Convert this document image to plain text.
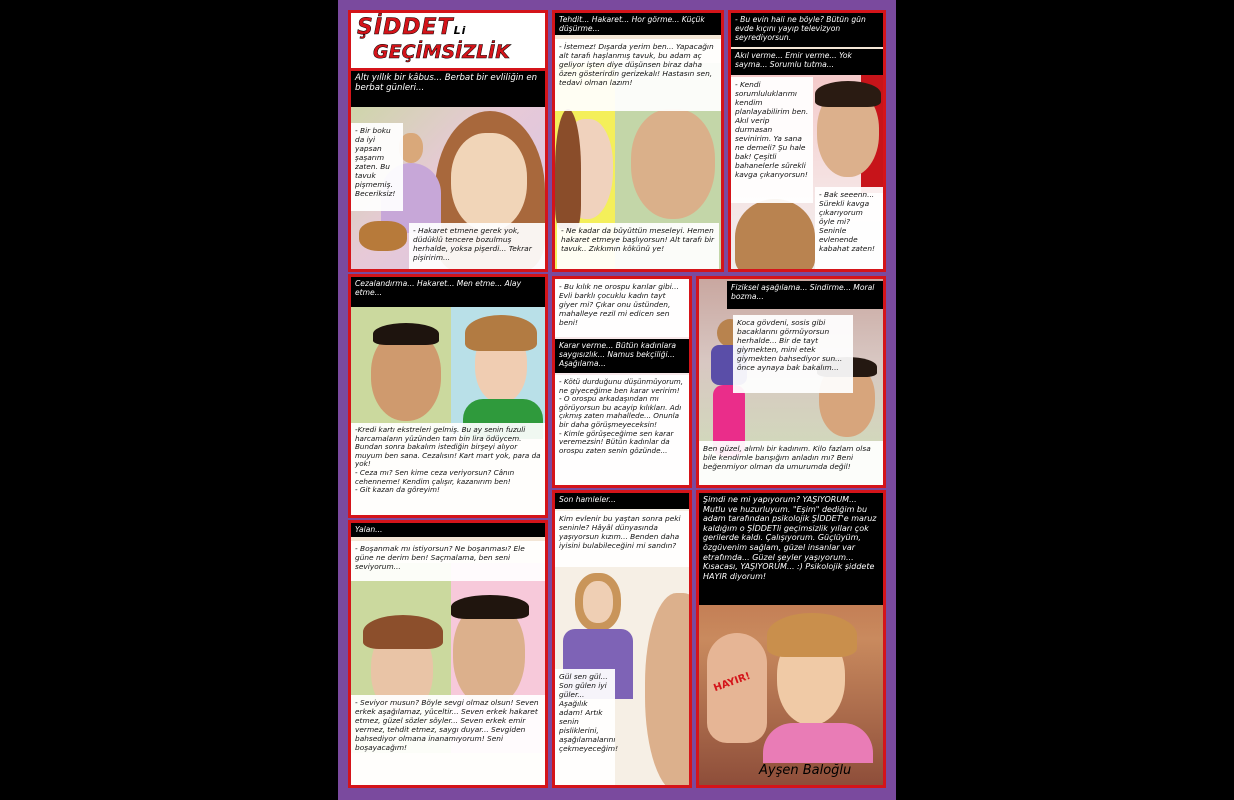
ŞİDDETLi
GEÇİMSİZLİK
Altı yıllık bir kâbus... Berbat bir evliliğin en berbat günleri...
- Bir boku da iyi yapsan şaşarım zaten. Bu tavuk pişmemiş. Beceriksiz!
- Hakaret etmene gerek yok, düdüklü tencere bozulmuş herhalde, yoksa pişerdi... Tekrar pişiririm...
Tehdit... Hakaret... Hor görme... Küçük düşürme...
- İstemez! Dışarda yerim ben... Yapacağın alt tarafı haşlanmış tavuk, bu adam aç geliyor işten diye düşünsen biraz daha özen gösterirdin gerizekalı! Hastasın sen, tedavi olman lazım!
- Ne kadar da büyüttün meseleyi. Hemen hakaret etmeye başlıyorsun! Alt tarafı bir tavuk.. Zıkkımın kökünü ye!
- Bu evin hali ne böyle? Bütün gün evde kıçını yayıp televizyon seyrediyorsun.
Akıl verme... Emir verme... Yok sayma... Sorumlu tutma...
- Kendi sorumluluklarımı kendim planlayabilirim ben. Akıl verip durmasan sevinirim. Ya sana ne demeli? Şu hale bak! Çeşitli bahanelerle sürekli kavga çıkarıyorsun!
- Bak seeenn... Sürekli kavga çıkarıyorum öyle mi? Seninle evlenende kabahat zaten!
Cezalandırma... Hakaret... Men etme... Alay etme...
-Kredi kartı ekstreleri gelmiş. Bu ay senin fuzuli harcamaların yüzünden tam bin lira ödüycem. Bundan sonra bakalım istediğin birşeyi alıyor muyum ben sana. Cezalısın! Kart mart yok, para da yok!
- Ceza mı? Sen kime ceza veriyorsun? Cânın cehenneme! Kendim çalışır, kazanırım ben!
- Git kazan da göreyim!
- Bu kılık ne orospu karılar gibi... Evli barklı çocuklu kadın tayt giyer mi? Çıkar onu üstünden, mahalleye rezil mi edicen sen beni!
Karar verme... Bütün kadınlara saygısızlık... Namus bekçiliği... Aşağılama...
- Kötü durduğunu düşünmüyorum, ne giyeceğime ben karar veririm!
- O orospu arkadaşından mı görüyorsun bu acayip kılıkları. Adı çıkmış zaten mahallede... Onunla bir daha görüşmeyeceksin!
- Kimle görüşeceğime sen karar veremezsin! Bütün kadınlar da orospu zaten senin gözünde...
Koca gövdeni, sosis gibi bacaklarını görmüyorsun herhalde... Bir de tayt giymekten, mini etek giymekten bahsediyor sun... önce aynaya bak bakalım...
Fiziksel aşağılama... Sindirme... Moral bozma...
Ben güzel, alımlı bir kadınım. Kilo fazlam olsa bile kendimle barışığım anladın mı? Beni beğenmiyor olman da umurumda değil!
Yalan...
- Boşanmak mı istiyorsun? Ne boşanması? Ele güne ne derim ben! Saçmalama, ben seni seviyorum...
- Seviyor musun? Böyle sevgi olmaz olsun! Seven erkek aşağılamaz, yüceltir... Seven erkek hakaret etmez, güzel sözler söyler... Seven erkek emir vermez, tehdit etmez, saygı duyar... Sevgiden bahsediyor olmana inanamıyorum! Seni boşayacağım!
Son hamleler...
Kim evlenir bu yaştan sonra peki seninle? Hâyâl dünyasında yaşıyorsun kızım... Benden daha iyisini bulabileceğini mi sandın?
Gül sen gül... Son gülen iyi güler... Aşağılık adam! Artık senin pisliklerini, aşağılamalarını çekmeyeceğim!
HAYIR!
Şimdi ne mi yapıyorum? YAŞIYORUM... Mutlu ve huzurluyum. "Eşim" dediğim bu adam tarafından psikolojik ŞİDDET'e maruz kaldığım o ŞİDDETli geçimsizlik yılları çok gerilerde kaldı. Çalışıyorum. Güçlüyüm, özgüvenim sağlam, güzel insanlar var etrafımda... Güzel şeyler yaşıyorum... Kısacası, YAŞIYORUM... :) Psikolojik şiddete HAYIR diyorum!
Ayşen Baloğlu
